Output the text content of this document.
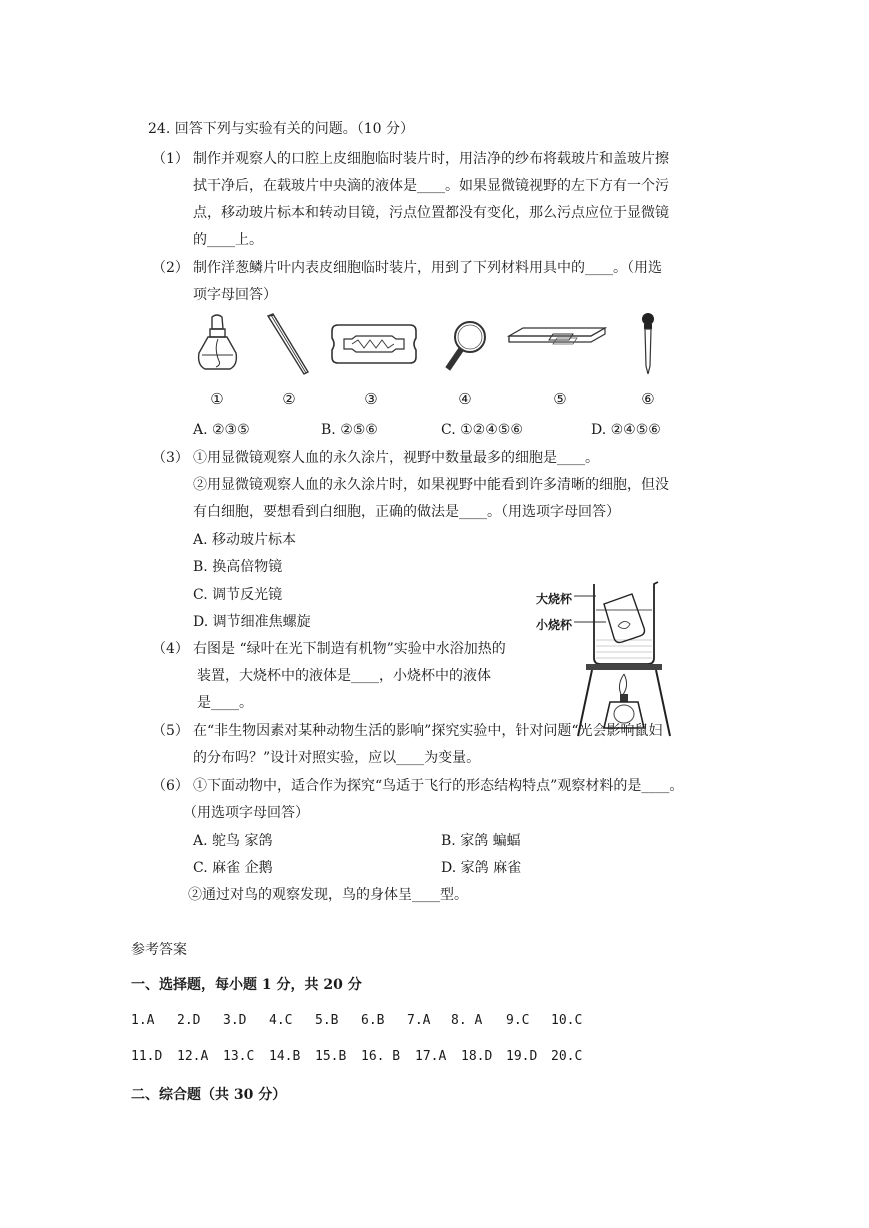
24. 回答下列与实验有关的问题。（10 分）
（1） 制作并观察人的口腔上皮细胞临时装片时，用洁净的纱布将载玻片和盖玻片擦
拭干净后，在载玻片中央滴的液体是____。如果显微镜视野的左下方有一个污
点，移动玻片标本和转动目镜，污点位置都没有变化，那么污点应位于显微镜
的____上。
（2） 制作洋葱鳞片叶内表皮细胞临时装片，用到了下列材料用具中的____。（用选
项字母回答）
①	②	③	④	⑤	⑥
A. ②③⑤	B. ②⑤⑥	C. ①②④⑤⑥	D. ②④⑤⑥
（3） ①用显微镜观察人血的永久涂片，视野中数量最多的细胞是____。
②用显微镜观察人血的永久涂片时，如果视野中能看到许多清晰的细胞，但没
有白细胞，要想看到白细胞，正确的做法是____。（用选项字母回答）
A. 移动玻片标本
B. 换高倍物镜
C. 调节反光镜
D. 调节细准焦螺旋
大烧杯
小烧杯
（4） 右图是 “绿叶在光下制造有机物”实验中水浴加热的
装置，大烧杯中的液体是____，小烧杯中的液体
是____。
（5） 在“非生物因素对某种动物生活的影响”探究实验中，针对问题“光会影响鼠妇
的分布吗？”设计对照实验，应以____为变量。
（6） ①下面动物中，适合作为探究“鸟适于飞行的形态结构特点”观察材料的是____。
（用选项字母回答）
A. 鸵鸟 家鸽	B. 家鸽 蝙蝠
C. 麻雀 企鹅	D. 家鸽 麻雀
②通过对鸟的观察发现，鸟的身体呈____型。
参考答案
一、选择题，每小题 1 分，共 20 分
1.A 2.D 3.D 4.C 5.B 6.B 7.A 8. A 9.C 10.C
11.D 12.A 13.C 14.B 15.B 16. B 17.A 18.D 19.D 20.C
二、综合题（共 30 分）
